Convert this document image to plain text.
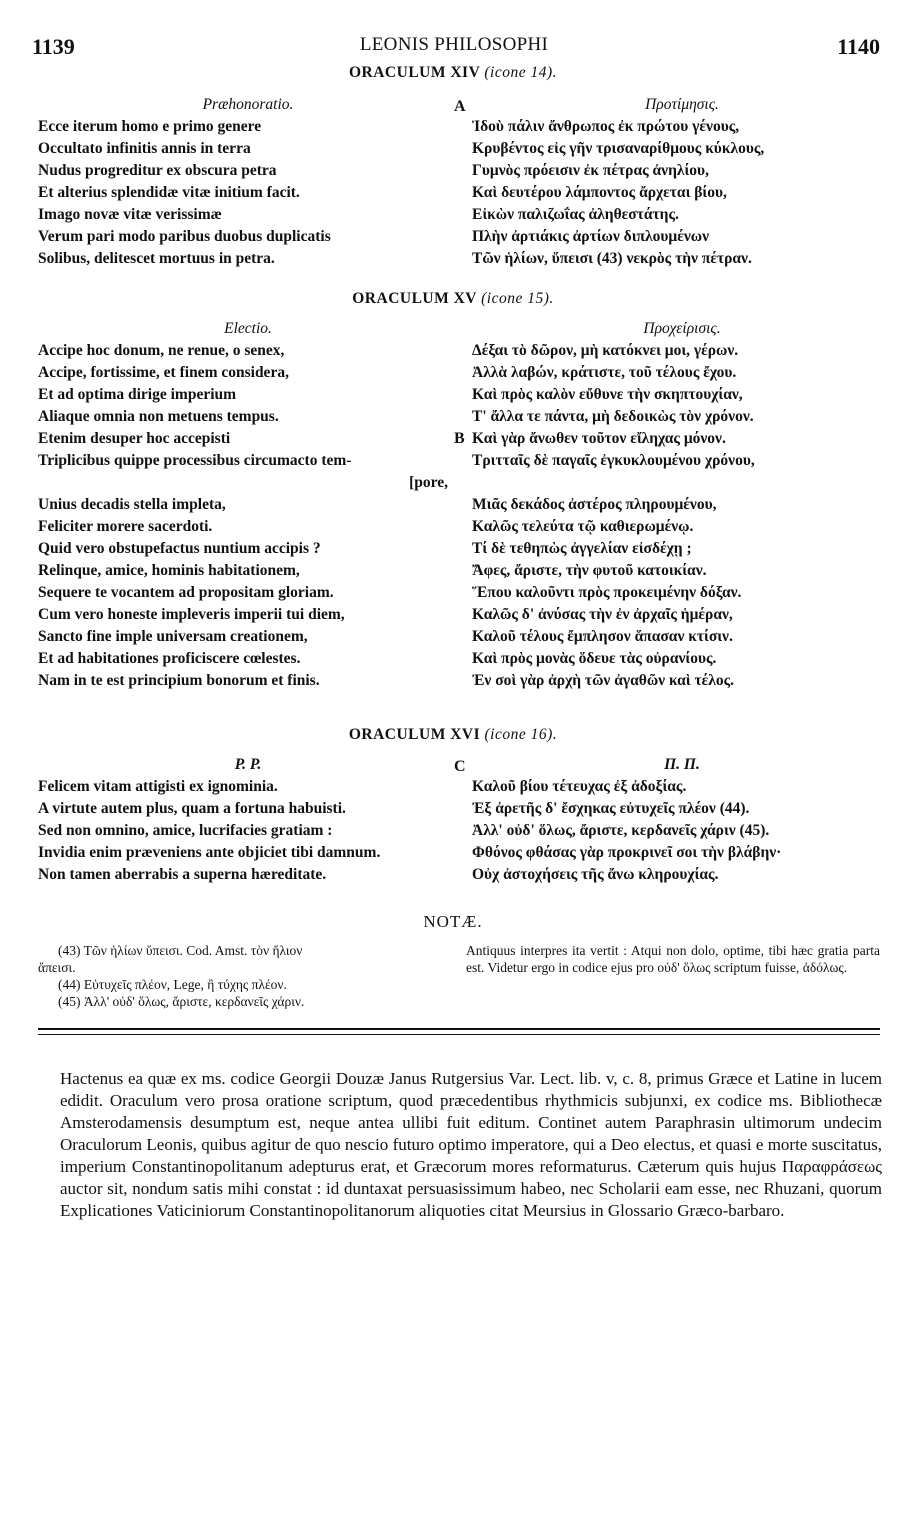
1139	LEONIS PHILOSOPHI	1140
ORACULUM XIV (icone 14).
A
Præhonoratio.
Ecce iterum homo e primo genere
Occultato infinitis annis in terra
Nudus progreditur ex obscura petra
Et alterius splendidæ vitæ initium facit.
Imago novæ vitæ verissimæ
Verum pari modo paribus duobus duplicatis
Solibus, delitescet mortuus in petra.
Προτίμησις.
Ἰδοὺ πάλιν ἄνθρωπος ἐκ πρώτου γένους,
Κρυβέντος εἰς γῆν τρισαναρίθμους κύκλους,
Γυμνὸς πρόεισιν ἐκ πέτρας ἀνηλίου,
Καὶ δευτέρου λάμποντος ἄρχεται βίου,
Εἰκὼν παλιζωΐας ἀληθεστάτης.
Πλὴν ἀρτιάκις ἀρτίων διπλουμένων
Τῶν ἡλίων, ὕπεισι (43) νεκρὸς τὴν πέτραν.
ORACULUM XV (icone 15).
B
Electio.
Accipe hoc donum, ne renue, o senex,
Accipe, fortissime, et finem considera,
Et ad optima dirige imperium
Aliaque omnia non metuens tempus.
Etenim desuper hoc accepisti
Triplicibus quippe processibus circumacto tem-
[pore,
Unius decadis stella impleta,
Feliciter morere sacerdoti.
Quid vero obstupefactus nuntium accipis ?
Relinque, amice, hominis habitationem,
Sequere te vocantem ad propositam gloriam.
Cum vero honeste impleveris imperii tui diem,
Sancto fine imple universam creationem,
Et ad habitationes proficiscere cœlestes.
Nam in te est principium bonorum et finis.
Προχείρισις.
Δέξαι τὸ δῶρον, μὴ κατόκνει μοι, γέρων.
Ἀλλὰ λαβών, κράτιστε, τοῦ τέλους ἔχου.
Καὶ πρὸς καλὸν εὔθυνε τὴν σκηπτουχίαν,
Τ' ἄλλα τε πάντα, μὴ δεδοικὼς τὸν χρόνον.
Καὶ γὰρ ἄνωθεν τοῦτον εἴληχας μόνον.
Τριτταῖς δὲ παγαῖς ἐγκυκλουμένου χρόνου,

Μιᾶς δεκάδος ἀστέρος πληρουμένου,
Καλῶς τελεύτα τῷ καθιερωμένῳ.
Τί δὲ τεθηπὼς ἀγγελίαν εἰσδέχῃ ;
Ἄφες, ἄριστε, τὴν φυτοῦ κατοικίαν.
Ἕπου καλοῦντι πρὸς προκειμένην δόξαν.
Καλῶς δ' ἀνύσας τὴν ἐν ἀρχαῖς ἡμέραν,
Καλοῦ τέλους ἔμπλησον ἅπασαν κτίσιν.
Καὶ πρὸς μονὰς ὅδευε τὰς οὐρανίους.
Ἐν σοὶ γὰρ ἀρχὴ τῶν ἀγαθῶν καὶ τέλος.
ORACULUM XVI (icone 16).
C
P. P.
Felicem vitam attigisti ex ignominia.
A virtute autem plus, quam a fortuna habuisti.
Sed non omnino, amice, lucrifacies gratiam :
Invidia enim præveniens ante objiciet tibi damnum.
Non tamen aberrabis a superna hæreditate.
Π. Π.
Καλοῦ βίου τέτευχας ἐξ ἀδοξίας.
Ἐξ ἀρετῆς δ' ἔσχηκας εὐτυχεῖς πλέον (44).
Ἀλλ' οὐδ' ὅλως, ἄριστε, κερδανεῖς χάριν (45).
Φθόνος φθάσας γὰρ προκρινεῖ σοι τὴν βλάβην·
Οὐχ ἀστοχήσεις τῆς ἄνω κληρουχίας.
NOTÆ.
(43) Τῶν ἡλίων ὕπεισι. Cod. Amst. τὸν ἥλιον
ἄπεισι.
(44) Εὐτυχεῖς πλέον, Lege, ἢ τύχης πλέον.
(45) Ἀλλ' οὐδ' ὅλως, ἄριστε, κερδανεῖς χάριν.
Antiquus interpres ita vertit : Atqui non dolo, optime, tibi hæc gratia parta est. Videtur ergo in codice ejus pro οὐδ' ὅλως scriptum fuisse, ἀδόλως.

Hactenus ea quæ ex ms. codice Georgii Douzæ Janus Rutgersius Var. Lect. lib. v, c. 8, primus Græce et Latine in lucem edidit. Oraculum vero prosa oratione scriptum, quod præcedentibus rhythmicis subjunxi, ex codice ms. Bibliothecæ Amsterodamensis desumptum est, neque antea ullibi fuit editum. Continet autem Paraphrasin ultimorum undecim Oraculorum Leonis, quibus agitur de quo nescio futuro optimo imperatore, qui a Deo electus, et quasi e morte suscitatus, imperium Constantinopolitanum adepturus erat, et Græcorum mores reformaturus. Cæterum quis hujus Παραφράσεως auctor sit, nondum satis mihi constat : id duntaxat persuasissimum habeo, nec Scholarii eam esse, nec Rhuzani, quorum Explicationes Vaticiniorum Constantinopolitanorum aliquoties citat Meursius in Glossario Græco-barbaro.
